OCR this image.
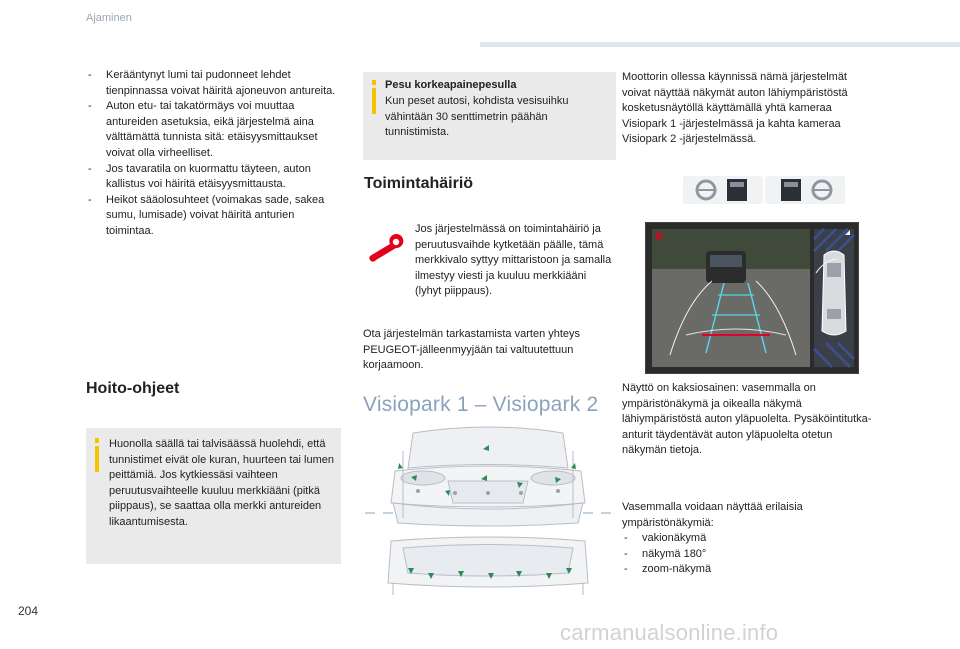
Ajaminen
204
carmanualsonline.info
- Kerääntynyt lumi tai pudonneet lehdet tienpinnassa voivat häiritä ajoneuvon antureita.
- Auton etu- tai takatörmäys voi muuttaa antureiden asetuksia, eikä järjestelmä aina välttämättä tunnista sitä: etäisyysmittaukset voivat olla virheelliset.
- Jos tavaratila on kuormattu täyteen, auton kallistus voi häiritä etäisyysmittausta.
- Heikot sääolosuhteet (voimakas sade, sakea sumu, lumisade) voivat häiritä anturien toimintaa.
Hoito-ohjeet
Huonolla säällä tai talvisäässä huolehdi, että tunnistimet eivät ole kuran, huurteen tai lumen peittämiä. Jos kytkiessäsi vaihteen peruutusvaihteelle kuuluu merkkiääni (pitkä piippaus), se saattaa olla merkki antureiden likaantumisesta.
Pesu korkeapainepesulla
Kun peset autosi, kohdista vesisuihku vähintään 30 senttimetrin päähän tunnistimista.
Toimintahäiriö
Jos järjestelmässä on toimintahäiriö ja peruutusvaihde kytketään päälle, tämä merkkivalo syttyy mittaristoon ja samalla ilmestyy viesti ja kuuluu merkkiääni (lyhyt piippaus).
Ota järjestelmän tarkastamista varten yhteys PEUGEOT-jälleenmyyjään tai valtuutettuun korjaamoon.
Visiopark 1 – Visiopark 2
Moottorin ollessa käynnissä nämä järjestelmät voivat näyttää näkymät auton lähiympäristöstä kosketusnäytöllä käyttämällä yhtä kameraa Visiopark 1 -järjestelmässä ja kahta kameraa Visiopark 2 -järjestelmässä.
Näyttö on kaksiosainen: vasemmalla on ympäristönäkymä ja oikealla näkymä lähiympäristöstä auton yläpuolelta. Pysäköintitutka-anturit täydentävät auton yläpuolelta otetun näkymän tietoja.
Vasemmalla voidaan näyttää erilaisia ympäristönäkymiä:
- vakionäkymä
- näkymä 180°
- zoom-näkymä
